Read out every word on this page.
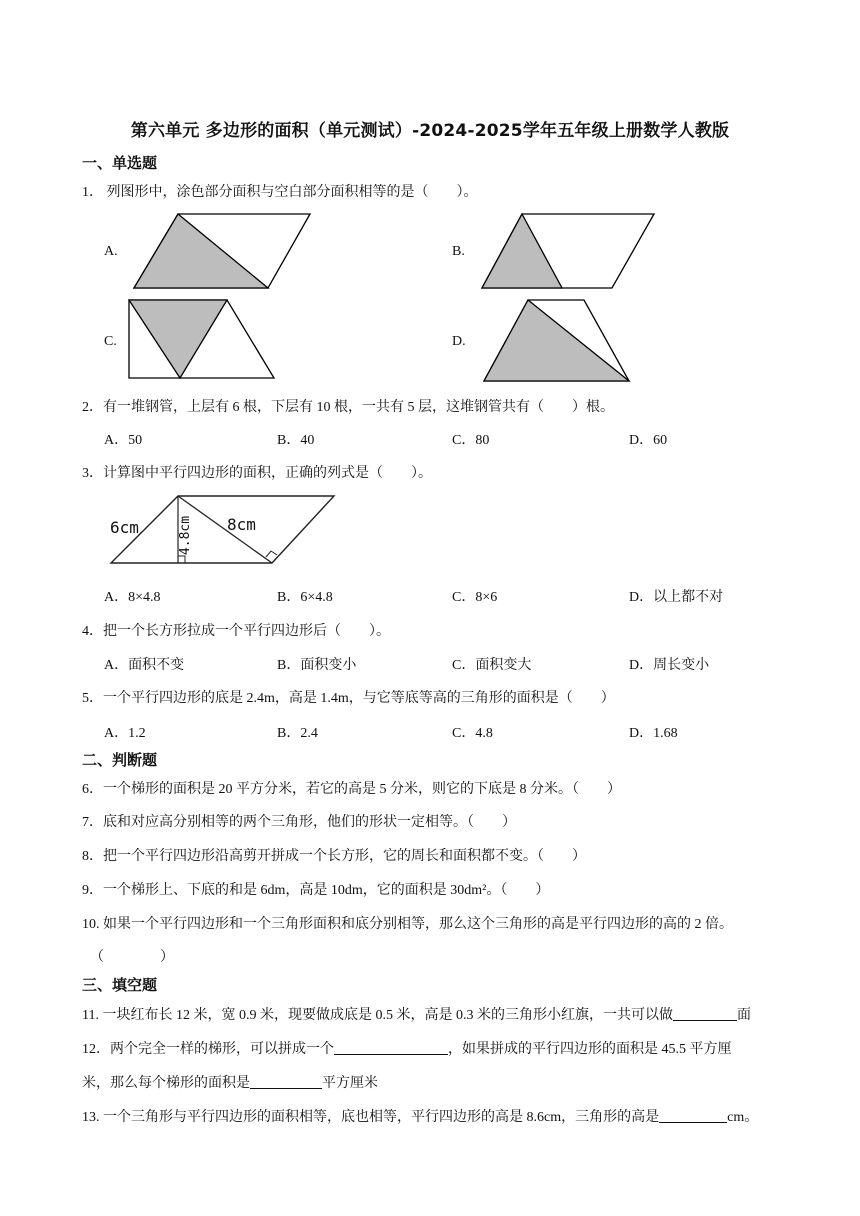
第六单元 多边形的面积（单元测试）-2024-2025学年五年级上册数学人教版
一、单选题
1． 列图形中，涂色部分面积与空白部分面积相等的是（　　）。
A.	B.
C.	D.
2．有一堆钢管，上层有 6 根，下层有 10 根，一共有 5 层，这堆钢管共有（　　）根。
A．50	B．40	C．80	D．60
3．计算图中平行四边形的面积，正确的列式是（　　）。
6cm	4.8cm 8cm
A．8×4.8	B．6×4.8	C．8×6	D．以上都不对
4．把一个长方形拉成一个平行四边形后（　　）。
A．面积不变	B．面积变小	C．面积变大	D．周长变小
5．一个平行四边形的底是 2.4m，高是 1.4m，与它等底等高的三角形的面积是（　　）
A．1.2	B．2.4	C．4.8	D．1.68
二、判断题
6．一个梯形的面积是 20 平方分米，若它的高是 5 分米，则它的下底是 8 分米。（　　）
7．底和对应高分别相等的两个三角形，他们的形状一定相等。（　　）
8．把一个平行四边形沿高剪开拼成一个长方形，它的周长和面积都不变。（　　）
9．一个梯形上、下底的和是 6dm，高是 10dm，它的面积是 30dm²。（　　）
10. 如果一个平行四边形和一个三角形面积和底分别相等，那么这个三角形的高是平行四边形的高的 2 倍。
（　　　　）
三、填空题
11. 一块红布长 12 米，宽 0.9 米，现要做成底是 0.5 米，高是 0.3 米的三角形小红旗，一共可以做	面
12．两个完全一样的梯形，可以拼成一个	，如果拼成的平行四边形的面积是 45.5 平方厘
米，那么每个梯形的面积是	平方厘米
13. 一个三角形与平行四边形的面积相等，底也相等，平行四边形的高是 8.6cm，三角形的高是	cm。
